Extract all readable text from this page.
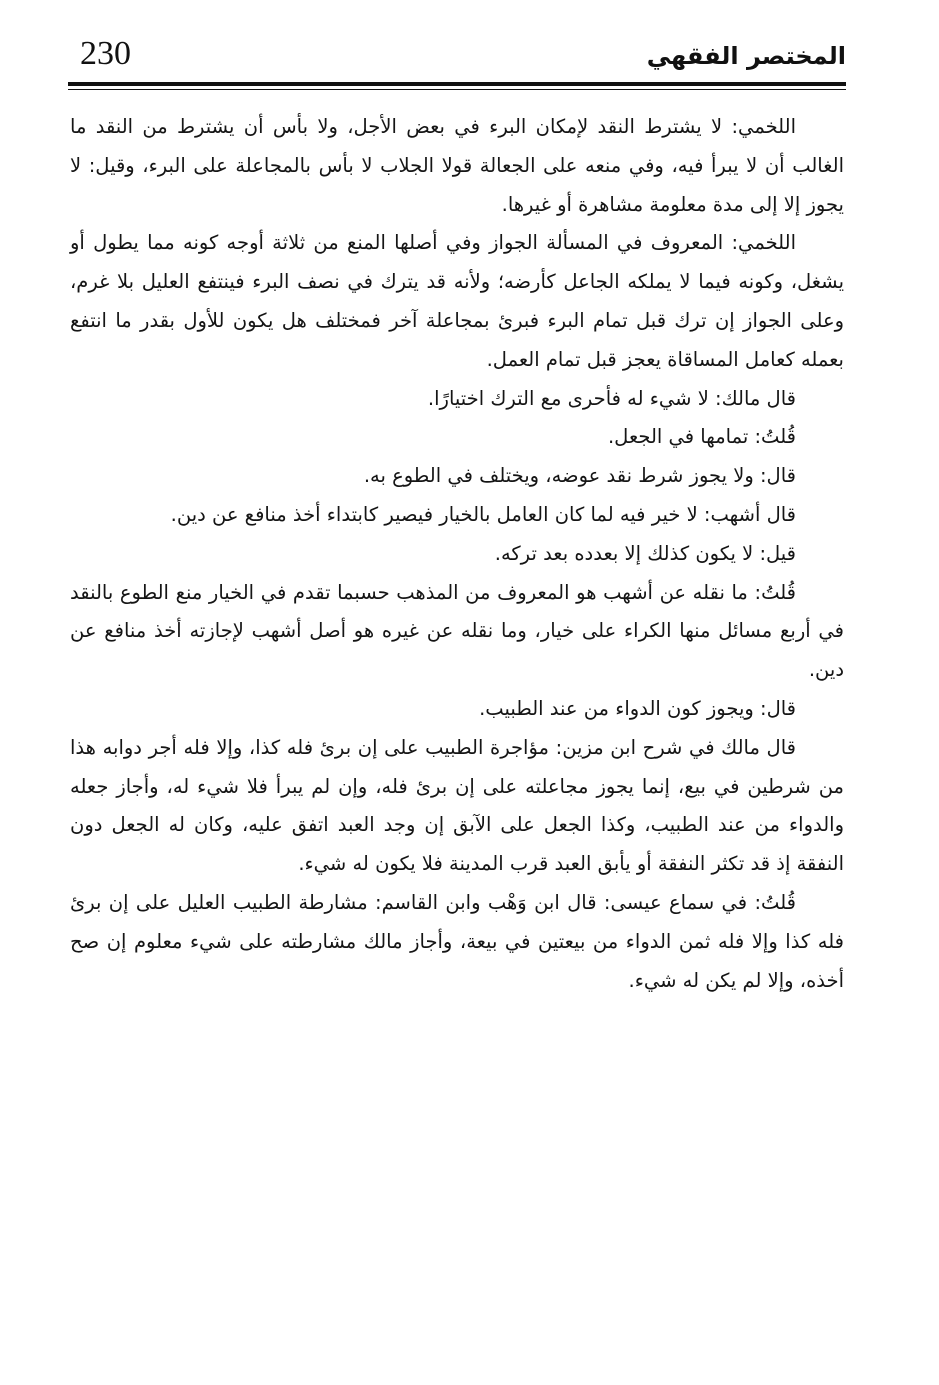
230	المختصر الفقهي

اللخمي: لا يشترط النقد لإمكان البرء في بعض الأجل، ولا بأس أن يشترط من النقد ما الغالب أن لا يبرأ فيه، وفي منعه على الجعالة قولا الجلاب لا بأس بالمجاعلة على البرء، وقيل: لا يجوز إلا إلى مدة معلومة مشاهرة أو غيرها.

اللخمي: المعروف في المسألة الجواز وفي أصلها المنع من ثلاثة أوجه كونه مما يطول أو يشغل، وكونه فيما لا يملكه الجاعل كأرضه؛ ولأنه قد يترك في نصف البرء فينتفع العليل بلا غرم، وعلى الجواز إن ترك قبل تمام البرء فبرئ بمجاعلة آخر فمختلف هل يكون للأول بقدر ما انتفع بعمله كعامل المساقاة يعجز قبل تمام العمل.

قال مالك: لا شيء له فأحرى مع الترك اختيارًا.

قُلتُ: تمامها في الجعل.

قال: ولا يجوز شرط نقد عوضه، ويختلف في الطوع به.

قال أشهب: لا خير فيه لما كان العامل بالخيار فيصير كابتداء أخذ منافع عن دين.

قيل: لا يكون كذلك إلا بعدده بعد تركه.

قُلتُ: ما نقله عن أشهب هو المعروف من المذهب حسبما تقدم في الخيار منع الطوع بالنقد في أربع مسائل منها الكراء على خيار، وما نقله عن غيره هو أصل أشهب لإجازته أخذ منافع عن دين.

قال: ويجوز كون الدواء من عند الطبيب.

قال مالك في شرح ابن مزين: مؤاجرة الطبيب على إن برئ فله كذا، وإلا فله أجر دوابه هذا من شرطين في بيع، إنما يجوز مجاعلته على إن برئ فله، وإن لم يبرأ فلا شيء له، وأجاز جعله والدواء من عند الطبيب، وكذا الجعل على الآبق إن وجد العبد اتفق عليه، وكان له الجعل دون النفقة إذ قد تكثر النفقة أو يأبق العبد قرب المدينة فلا يكون له شيء.

قُلتُ: في سماع عيسى: قال ابن وَهْب وابن القاسم: مشارطة الطبيب العليل على إن برئ فله كذا وإلا فله ثمن الدواء من بيعتين في بيعة، وأجاز مالك مشارطته على شيء معلوم إن صح أخذه، وإلا لم يكن له شيء.
